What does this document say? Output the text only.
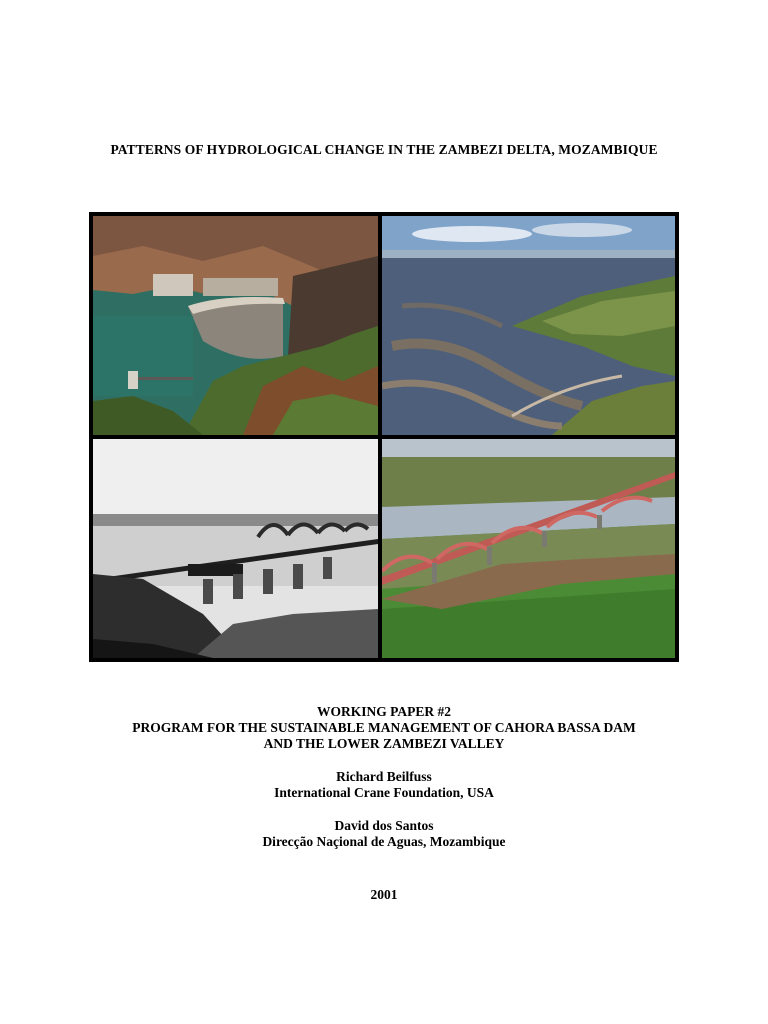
PATTERNS OF HYDROLOGICAL CHANGE IN THE ZAMBEZI DELTA, MOZAMBIQUE
WORKING PAPER #2
PROGRAM FOR THE SUSTAINABLE MANAGEMENT OF CAHORA BASSA DAM
AND THE LOWER ZAMBEZI VALLEY
Richard Beilfuss
International Crane Foundation, USA
David dos Santos
Direcção Naçional de Aguas, Mozambique
2001
